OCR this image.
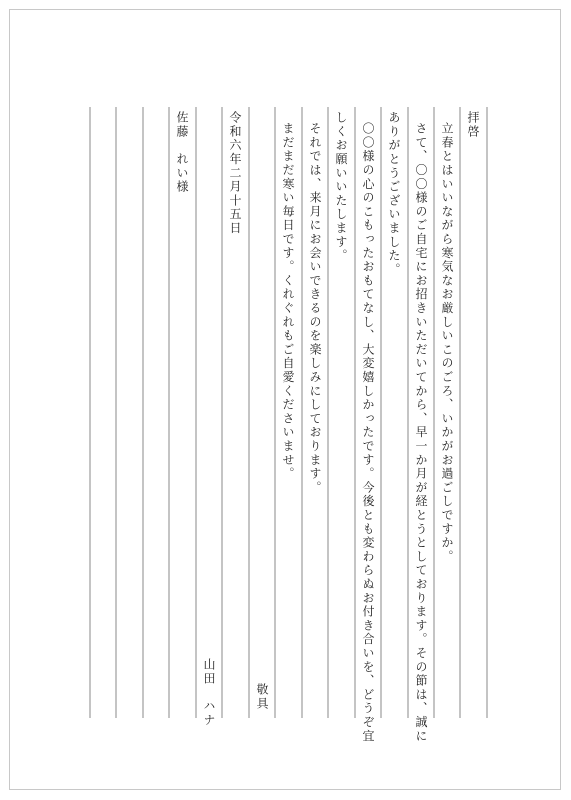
拝啓
立春とはいいながら寒気なお厳しいこのごろ、いかがお過ごしですか。
さて、〇〇様のご自宅にお招きいただいてから、早一か月が経とうとしております。その節は、誠に
ありがとうございました。
〇〇様の心のこもったおもてなし、大変嬉しかったです。今後とも変わらぬお付き合いを、どうぞ宜
しくお願いいたします。
それでは、来月にお会いできるのを楽しみにしております。
まだまだ寒い毎日です。くれぐれもご自愛くださいませ。
敬具
令和六年二月十五日
山田　ハナ
佐藤　れい様
